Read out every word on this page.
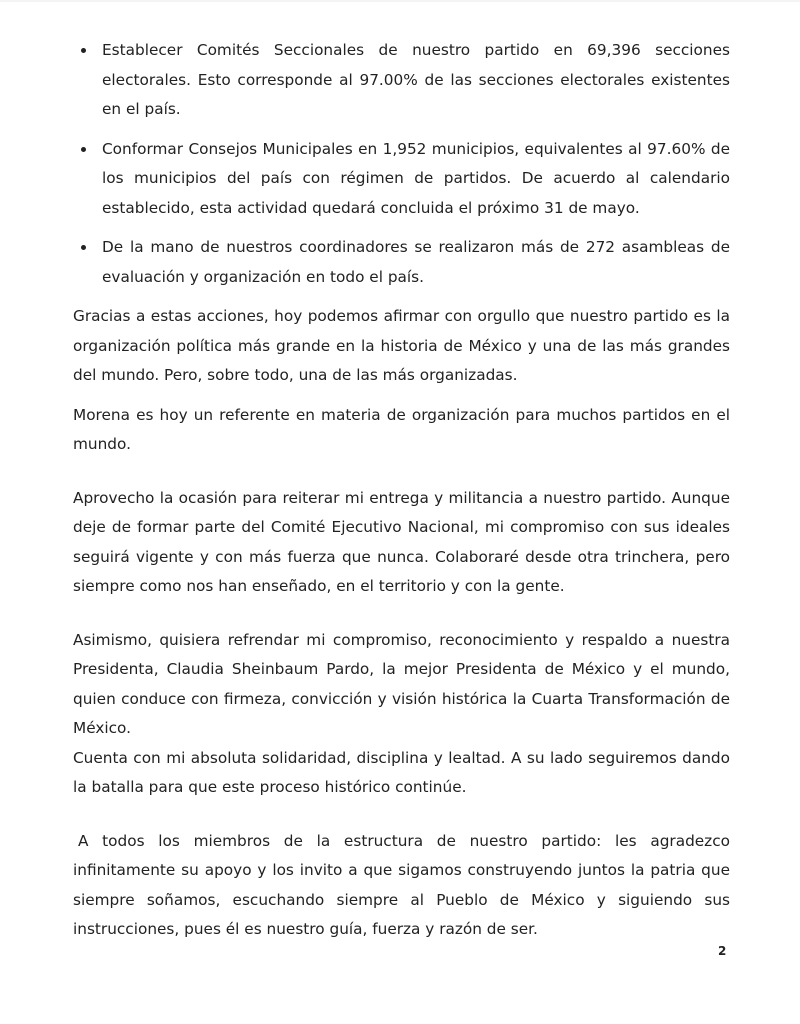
Establecer Comités Seccionales de nuestro partido en 69,396 secciones electorales. Esto corresponde al 97.00% de las secciones electorales existentes en el país.
Conformar Consejos Municipales en 1,952 municipios, equivalentes al 97.60% de los municipios del país con régimen de partidos. De acuerdo al calendario establecido, esta actividad quedará concluida el próximo 31 de mayo.
De la mano de nuestros coordinadores se realizaron más de 272 asambleas de evaluación y organización en todo el país.

Gracias a estas acciones, hoy podemos afirmar con orgullo que nuestro partido es la organización política más grande en la historia de México y una de las más grandes del mundo. Pero, sobre todo, una de las más organizadas.

Morena es hoy un referente en materia de organización para muchos partidos en el mundo.

Aprovecho la ocasión para reiterar mi entrega y militancia a nuestro partido. Aunque deje de formar parte del Comité Ejecutivo Nacional, mi compromiso con sus ideales seguirá vigente y con más fuerza que nunca. Colaboraré desde otra trinchera, pero siempre como nos han enseñado, en el territorio y con la gente.

Asimismo, quisiera refrendar mi compromiso, reconocimiento y respaldo a nuestra Presidenta, Claudia Sheinbaum Pardo, la mejor Presidenta de México y el mundo, quien conduce con firmeza, convicción y visión histórica la Cuarta Transformación de México.

Cuenta con mi absoluta solidaridad, disciplina y lealtad. A su lado seguiremos dando la batalla para que este proceso histórico continúe.

A todos los miembros de la estructura de nuestro partido: les agradezco infinitamente su apoyo y los invito a que sigamos construyendo juntos la patria que siempre soñamos, escuchando siempre al Pueblo de México y siguiendo sus instrucciones, pues él es nuestro guía, fuerza y razón de ser.

2
